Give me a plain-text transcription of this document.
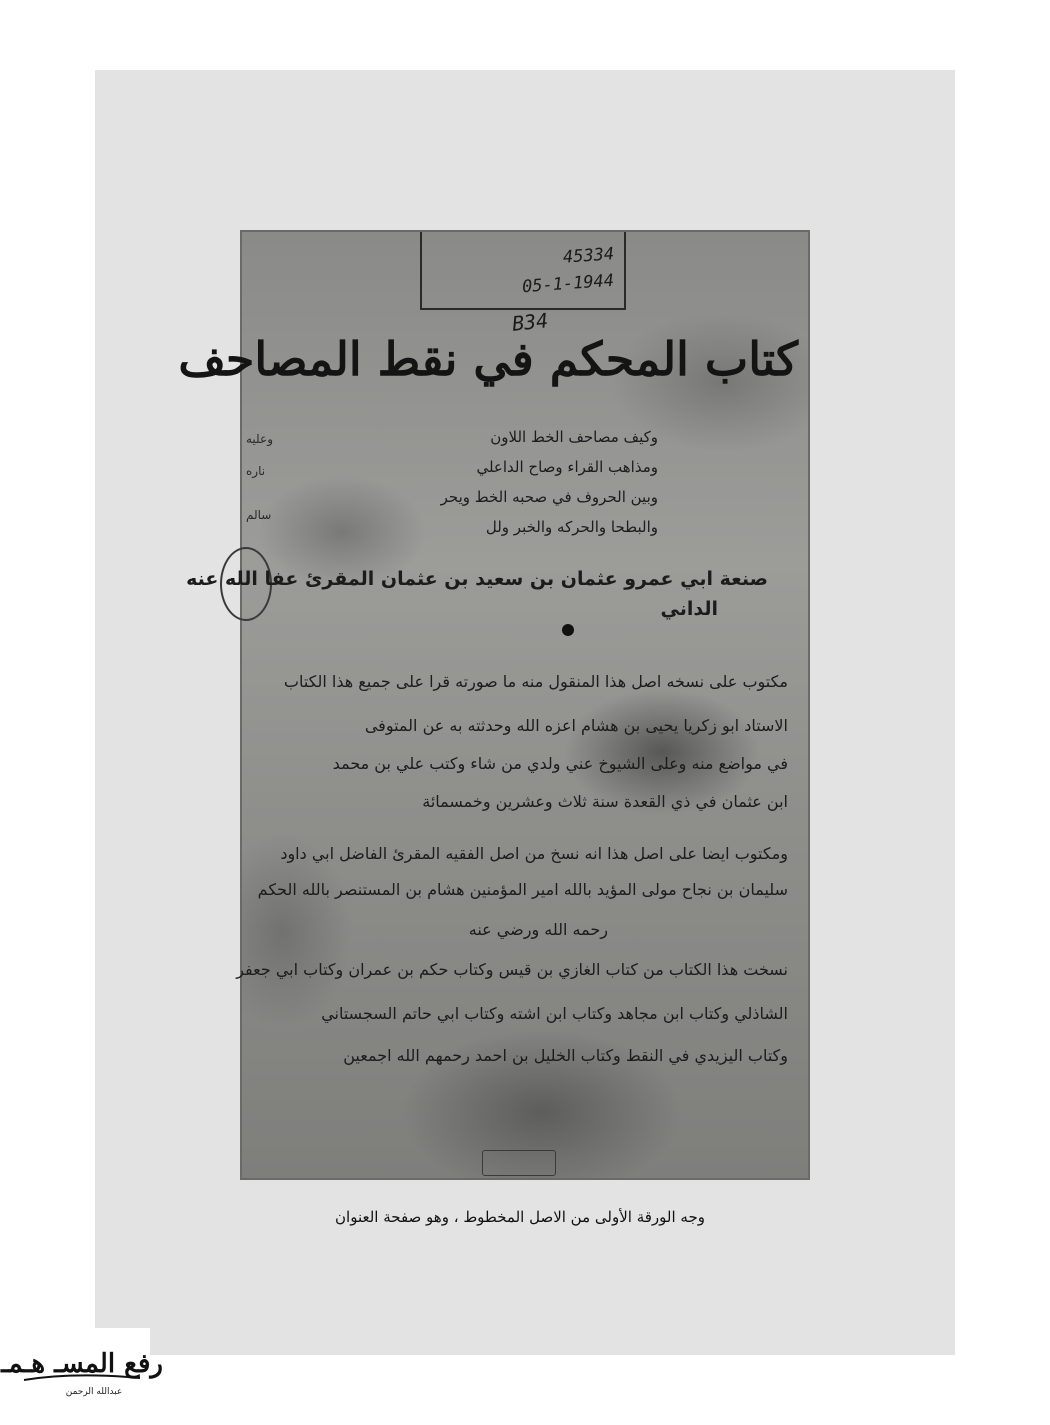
45334
05-1-1944
B34
كتاب المحكم في نقط المصاحف
وكيف مصاحف الخط اللاون
ومذاهب القراء وصاح الداعلي
وبين الحروف في صحبه الخط ويحر
والبطحا والحركه والخبر ولل
وعليه
ناره
سالم
صنعة ابي عمرو عثمان بن سعيد بن عثمان المقرئ عفا الله عنه
الداني
مكتوب على نسخه اصل هذا المنقول منه ما صورته قرا على جميع هذا الكتاب
الاستاد ابو زكريا يحيى بن هشام اعزه الله وحدثته به عن المتوفى
في مواضع منه وعلى الشيوخ عني ولدي من شاء وكتب علي بن محمد
ابن عثمان في ذي القعدة سنة ثلاث وعشرين وخمسمائة
ومكتوب ايضا على اصل هذا انه نسخ من اصل الفقيه المقرئ الفاضل ابي داود
سليمان بن نجاح مولى المؤيد بالله امير المؤمنين هشام بن المستنصر بالله الحكم
رحمه الله ورضي عنه
نسخت هذا الكتاب من كتاب الغازي بن قيس وكتاب حكم بن عمران وكتاب ابي جعفر
الشاذلي وكتاب ابن مجاهد وكتاب ابن اشته وكتاب ابي حاتم السجستاني
وكتاب اليزيدي في النقط وكتاب الخليل بن احمد رحمهم الله اجمعين
وجه الورقة الأولى من الاصل المخطوط ، وهو صفحة العنوان
رفع المسـ هـمـ
عبدالله الرحمن
